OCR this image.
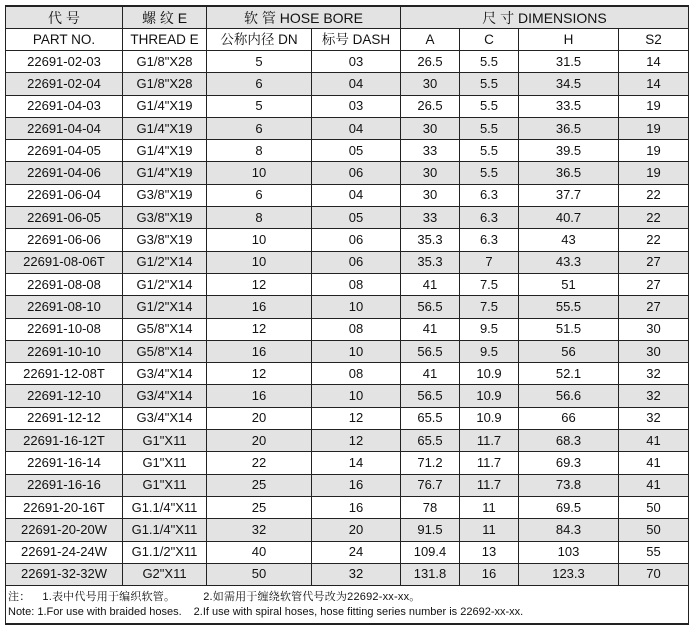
代 号	螺 纹 E	软 管 HOSE BORE		尺 寸 DIMENSIONS			
PART NO.	THREAD E	公称内径 DN	标号 DASH	A	C	H	S2
22691-02-03	G1/8"X28	5	03	26.5	5.5	31.5	14
22691-02-04	G1/8"X28	6	04	30	5.5	34.5	14
22691-04-03	G1/4"X19	5	03	26.5	5.5	33.5	19
22691-04-04	G1/4"X19	6	04	30	5.5	36.5	19
22691-04-05	G1/4"X19	8	05	33	5.5	39.5	19
22691-04-06	G1/4"X19	10	06	30	5.5	36.5	19
22691-06-04	G3/8"X19	6	04	30	6.3	37.7	22
22691-06-05	G3/8"X19	8	05	33	6.3	40.7	22
22691-06-06	G3/8"X19	10	06	35.3	6.3	43	22
22691-08-06T	G1/2"X14	10	06	35.3	7	43.3	27
22691-08-08	G1/2"X14	12	08	41	7.5	51	27
22691-08-10	G1/2"X14	16	10	56.5	7.5	55.5	27
22691-10-08	G5/8"X14	12	08	41	9.5	51.5	30
22691-10-10	G5/8"X14	16	10	56.5	9.5	56	30
22691-12-08T	G3/4"X14	12	08	41	10.9	52.1	32
22691-12-10	G3/4"X14	16	10	56.5	10.9	56.6	32
22691-12-12	G3/4"X14	20	12	65.5	10.9	66	32
22691-16-12T	G1"X11	20	12	65.5	11.7	68.3	41
22691-16-14	G1"X11	22	14	71.2	11.7	69.3	41
22691-16-16	G1"X11	25	16	76.7	11.7	73.8	41
22691-20-16T	G1.1/4"X11	25	16	78	11	69.5	50
22691-20-20W	G1.1/4"X11	32	20	91.5	11	84.3	50
22691-24-24W	G1.1/2"X11	40	24	109.4	13	103	55
22691-32-32W	G2"X11	50	32	131.8	16	123.3	70
注： 1.表中代号用于编织软管。	2.如需用于缠绕软管代号改为22692-xx-xx。
Note: 1.For use with braided hoses. 2.If use with spiral hoses, hose fitting series number is 22692-xx-xx.
